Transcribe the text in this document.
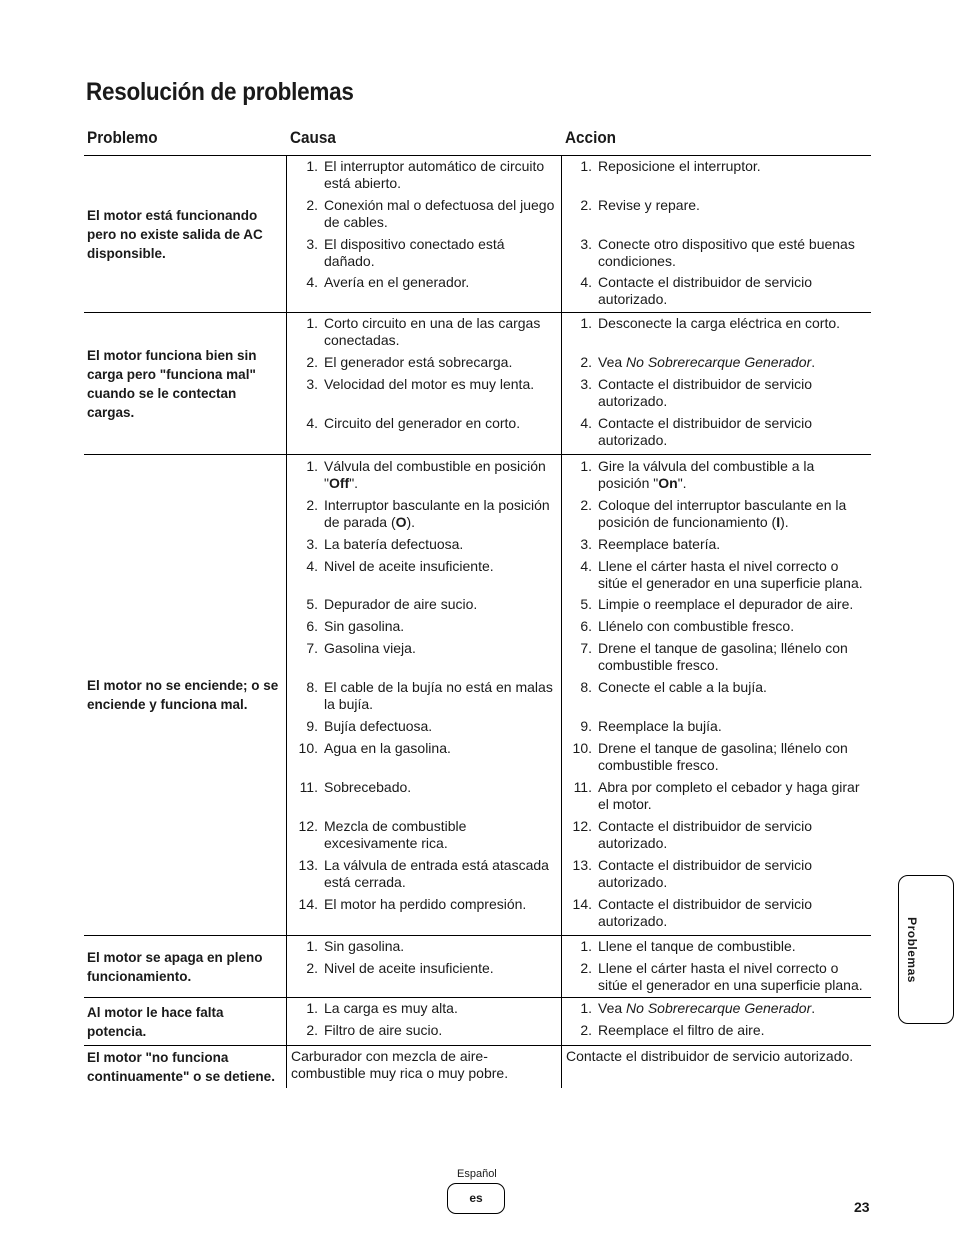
Resolución de problemas
Problemo	Causa	Accion
El motor está funcionando pero no existe salida de AC disponsible.
1. El interruptor automático de circuito está abierto.
2. Conexión mal o defectuosa del juego de cables.
3. El dispositivo conectado está dañado.
4. Avería en el generador.
1. Reposicione el interruptor.
2. Revise y repare.
3. Conecte otro dispositivo que esté buenas condiciones.
4. Contacte el distribuidor de servicio autorizado.
El motor funciona bien sin carga pero "funciona mal" cuando se le contectan cargas.
1. Corto circuito en una de las cargas conectadas.
2. El generador está sobrecarga.
3. Velocidad del motor es muy lenta.
4. Circuito del generador en corto.
1. Desconecte la carga eléctrica en corto.
2. Vea No Sobrerecarque Generador.
3. Contacte el distribuidor de servicio autorizado.
4. Contacte el distribuidor de servicio autorizado.
El motor no se enciende; o se enciende y funciona mal.
1. Válvula del combustible en posición "Off".
2. Interruptor basculante en la posición de parada (O).
3. La batería defectuosa.
4. Nivel de aceite insuficiente.
5. Depurador de aire sucio.
6. Sin gasolina.
7. Gasolina vieja.
8. El cable de la bujía no está en malas la bujía.
9. Bujía defectuosa.
10. Agua en la gasolina.
11. Sobrecebado.
12. Mezcla de combustible excesivamente rica.
13. La válvula de entrada está atascada está cerrada.
14. El motor ha perdido compresión.
1. Gire la válvula del combustible a la posición "On".
2. Coloque del interruptor basculante en la posición de funcionamiento (I).
3. Reemplace batería.
4. Llene el cárter hasta el nivel correcto o sitúe el generador en una superficie plana.
5. Limpie o reemplace el depurador de aire.
6. Llénelo con combustible fresco.
7. Drene el tanque de gasolina; llénelo con combustible fresco.
8. Conecte el cable a la bujía.
9. Reemplace la bujía.
10. Drene el tanque de gasolina; llénelo con combustible fresco.
11. Abra por completo el cebador y haga girar el motor.
12. Contacte el distribuidor de servicio autorizado.
13. Contacte el distribuidor de servicio autorizado.
14. Contacte el distribuidor de servicio autorizado.
El motor se apaga en pleno funcionamiento.
1. Sin gasolina.
2. Nivel de aceite insuficiente.
1. Llene el tanque de combustible.
2. Llene el cárter hasta el nivel correcto o sitúe el generador en una superficie plana.
Al motor le hace falta potencia.
1. La carga es muy alta.
2. Filtro de aire sucio.
1. Vea No Sobrerecarque Generador.
2. Reemplace el filtro de aire.
El motor "no funciona continuamente" o se detiene.
Carburador con mezcla de aire-combustible muy rica o muy pobre.
Contacte el distribuidor de servicio autorizado.
Problemas
Español
es
23
